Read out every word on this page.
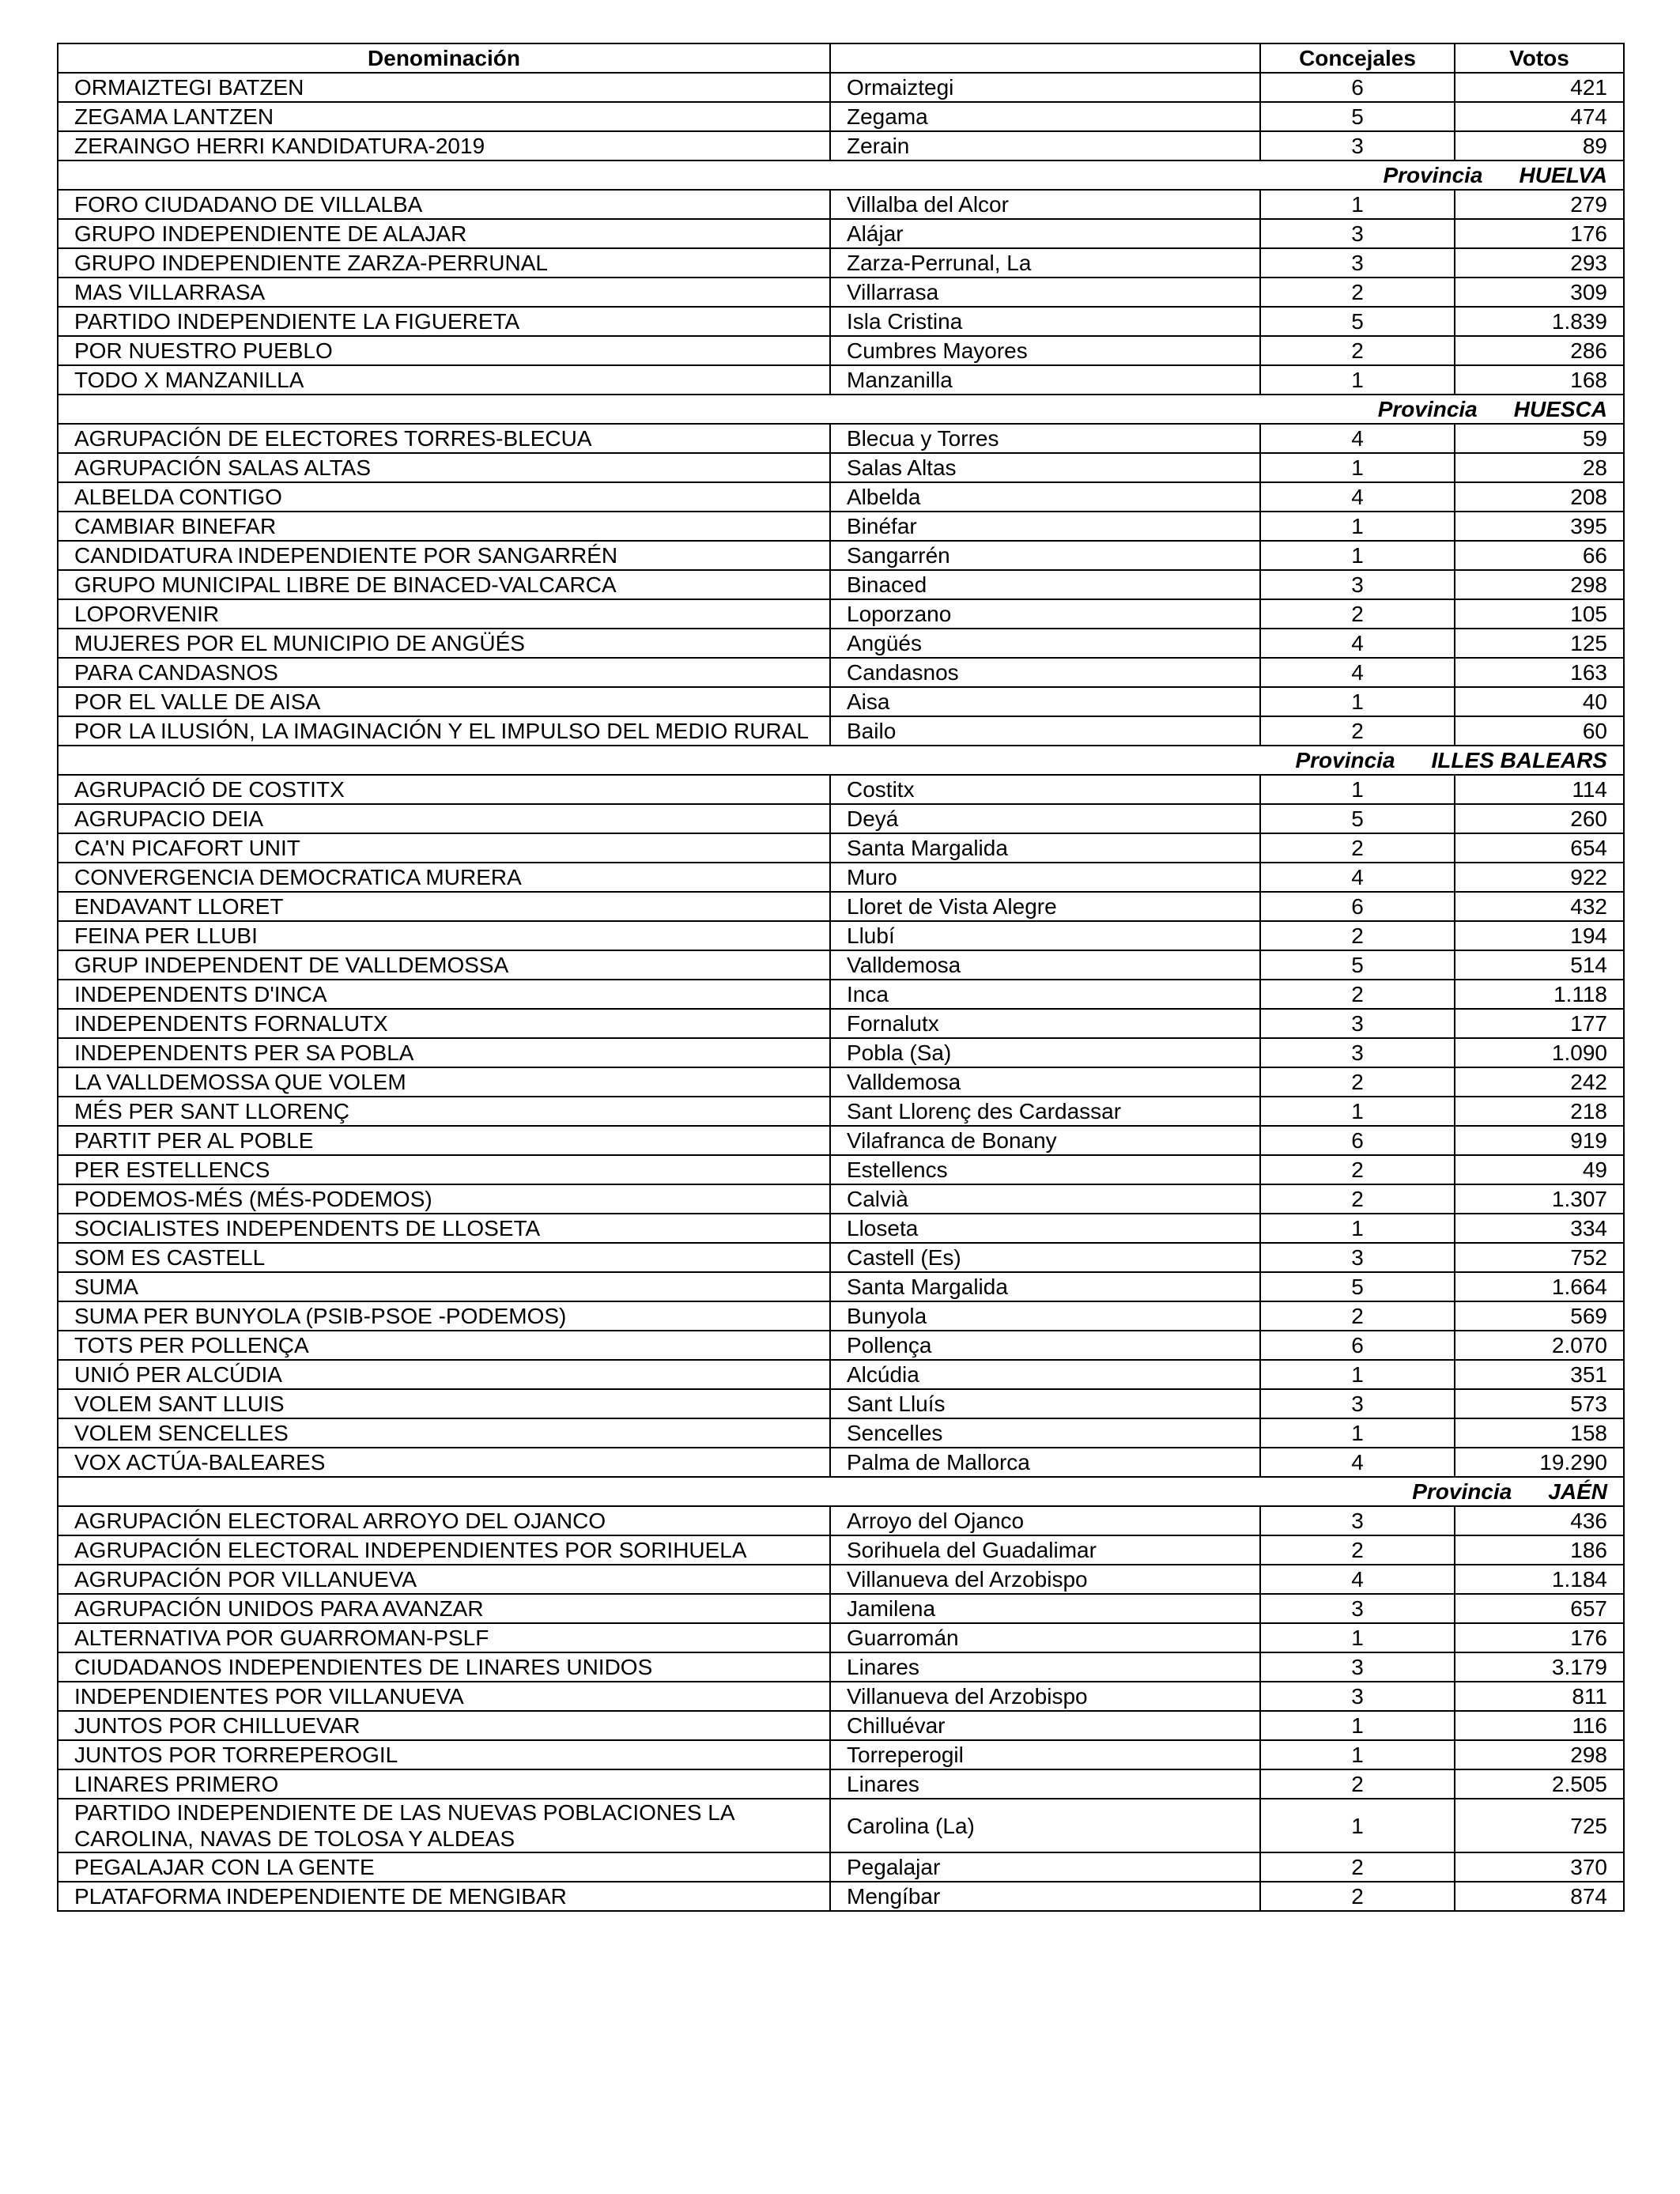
Denominación		Concejales	Votos
ORMAIZTEGI BATZEN	Ormaiztegi	6	421
ZEGAMA LANTZEN	Zegama	5	474
ZERAINGO HERRI KANDIDATURA-2019	Zerain	3	89
Provincia HUELVA			
FORO CIUDADANO DE VILLALBA	Villalba del Alcor	1	279
GRUPO INDEPENDIENTE DE ALAJAR	Alájar	3	176
GRUPO INDEPENDIENTE ZARZA-PERRUNAL	Zarza-Perrunal, La	3	293
MAS VILLARRASA	Villarrasa	2	309
PARTIDO INDEPENDIENTE LA FIGUERETA	Isla Cristina	5	1.839
POR NUESTRO PUEBLO	Cumbres Mayores	2	286
TODO X MANZANILLA	Manzanilla	1	168
Provincia HUESCA			
AGRUPACIÓN DE ELECTORES TORRES-BLECUA	Blecua y Torres	4	59
AGRUPACIÓN SALAS ALTAS	Salas Altas	1	28
ALBELDA CONTIGO	Albelda	4	208
CAMBIAR BINEFAR	Binéfar	1	395
CANDIDATURA INDEPENDIENTE POR SANGARRÉN	Sangarrén	1	66
GRUPO MUNICIPAL LIBRE DE BINACED-VALCARCA	Binaced	3	298
LOPORVENIR	Loporzano	2	105
MUJERES POR EL MUNICIPIO DE ANGÜÉS	Angüés	4	125
PARA CANDASNOS	Candasnos	4	163
POR EL VALLE DE AISA	Aisa	1	40
POR LA ILUSIÓN, LA IMAGINACIÓN Y EL IMPULSO DEL MEDIO RURAL	Bailo	2	60
Provincia ILLES BALEARS			
AGRUPACIÓ DE COSTITX	Costitx	1	114
AGRUPACIO DEIA	Deyá	5	260
CA'N PICAFORT UNIT	Santa Margalida	2	654
CONVERGENCIA DEMOCRATICA MURERA	Muro	4	922
ENDAVANT LLORET	Lloret de Vista Alegre	6	432
FEINA PER LLUBI	Llubí	2	194
GRUP INDEPENDENT DE VALLDEMOSSA	Valldemosa	5	514
INDEPENDENTS D'INCA	Inca	2	1.118
INDEPENDENTS FORNALUTX	Fornalutx	3	177
INDEPENDENTS PER SA POBLA	Pobla (Sa)	3	1.090
LA VALLDEMOSSA QUE VOLEM	Valldemosa	2	242
MÉS PER SANT LLORENÇ	Sant Llorenç des Cardassar	1	218
PARTIT PER AL POBLE	Vilafranca de Bonany	6	919
PER ESTELLENCS	Estellencs	2	49
PODEMOS-MÉS (MÉS-PODEMOS)	Calvià	2	1.307
SOCIALISTES INDEPENDENTS DE LLOSETA	Lloseta	1	334
SOM ES CASTELL	Castell (Es)	3	752
SUMA	Santa Margalida	5	1.664
SUMA PER BUNYOLA (PSIB-PSOE -PODEMOS)	Bunyola	2	569
TOTS PER POLLENÇA	Pollença	6	2.070
UNIÓ PER ALCÚDIA	Alcúdia	1	351
VOLEM SANT LLUIS	Sant Lluís	3	573
VOLEM SENCELLES	Sencelles	1	158
VOX ACTÚA-BALEARES	Palma de Mallorca	4	19.290
Provincia JAÉN			
AGRUPACIÓN ELECTORAL ARROYO DEL OJANCO	Arroyo del Ojanco	3	436
AGRUPACIÓN ELECTORAL INDEPENDIENTES POR SORIHUELA	Sorihuela del Guadalimar	2	186
AGRUPACIÓN POR VILLANUEVA	Villanueva del Arzobispo	4	1.184
AGRUPACIÓN UNIDOS PARA AVANZAR	Jamilena	3	657
ALTERNATIVA POR GUARROMAN-PSLF	Guarromán	1	176
CIUDADANOS INDEPENDIENTES DE LINARES UNIDOS	Linares	3	3.179
INDEPENDIENTES POR VILLANUEVA	Villanueva del Arzobispo	3	811
JUNTOS POR CHILLUEVAR	Chilluévar	1	116
JUNTOS POR TORREPEROGIL	Torreperogil	1	298
LINARES PRIMERO	Linares	2	2.505
PARTIDO INDEPENDIENTE DE LAS NUEVAS POBLACIONES LA CAROLINA, NAVAS DE TOLOSA Y ALDEAS	Carolina (La)	1	725
PEGALAJAR CON LA GENTE	Pegalajar	2	370
PLATAFORMA INDEPENDIENTE DE MENGIBAR	Mengíbar	2	874
